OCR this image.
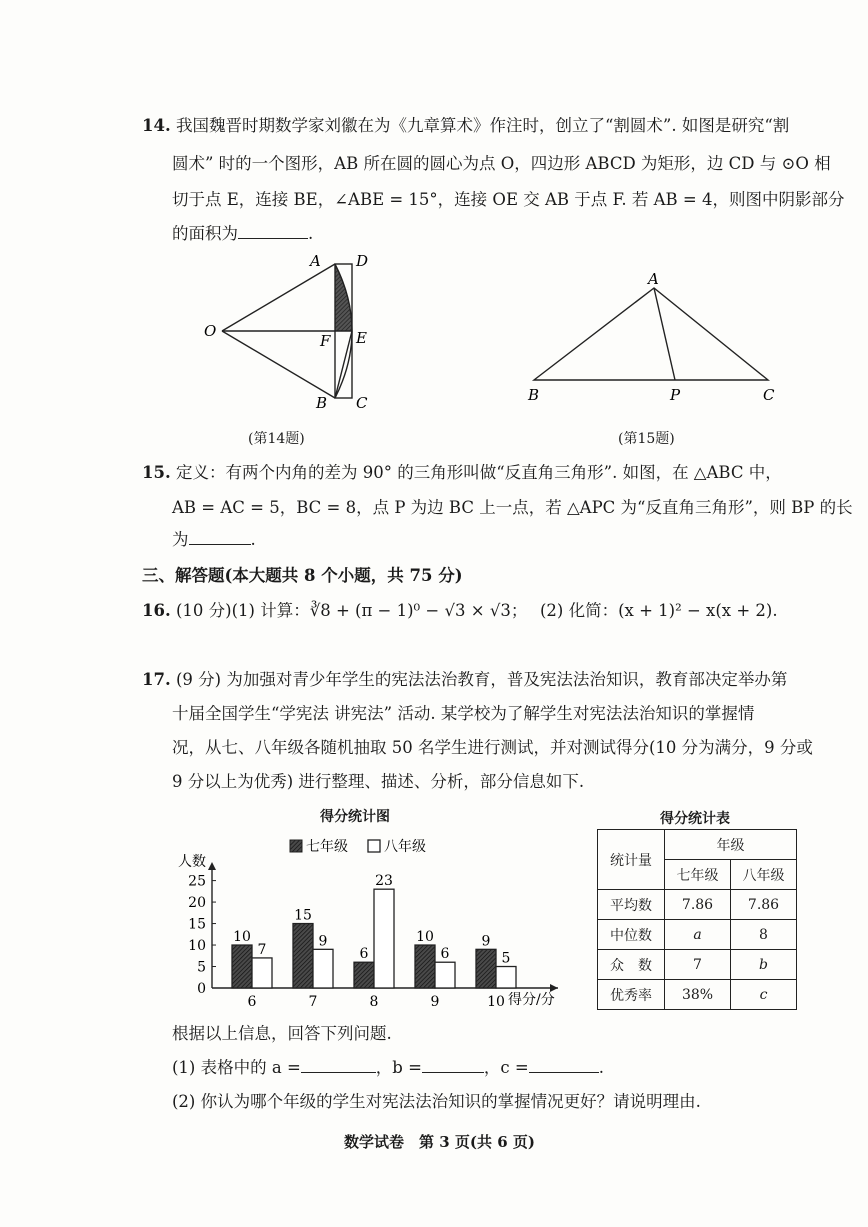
14. 我国魏晋时期数学家刘徽在为《九章算术》作注时，创立了“割圆术”. 如图是研究“割
圆术” 时的一个图形，AB 所在圆的圆心为点 O，四边形 ABCD 为矩形，边 CD 与 ⊙O 相
切于点 E，连接 BE，∠ABE = 15°，连接 OE 交 AB 于点 F. 若 AB = 4，则图中阴影部分
的面积为	.
A D
O
F E
B C
(第14题)
A
B	P	C
(第15题)
15. 定义：有两个内角的差为 90° 的三角形叫做“反直角三角形”. 如图，在 △ABC 中，
AB = AC = 5，BC = 8，点 P 为边 BC 上一点，若 △APC 为“反直角三角形”，则 BP 的长
为	.
三、解答题(本大题共 8 个小题，共 75 分)
16. (10 分)(1) 计算：∛8 + (π − 1)⁰ − √3 × √3； (2) 化简：(x + 1)² − x(x + 2).
17. (9 分) 为加强对青少年学生的宪法法治教育，普及宪法法治知识，教育部决定举办第
十届全国学生“学宪法 讲宪法” 活动. 某学校为了解学生对宪法法治知识的掌握情
况，从七、八年级各随机抽取 50 名学生进行测试，并对测试得分(10 分为满分，9 分或
9 分以上为优秀) 进行整理、描述、分析，部分信息如下.
得分统计图
七年级	八年级
人数
10
7
15
9
6
23
10
6
9
5
0
5
10
15
20
25
6	7	8	9	10 得分/分
得分统计表
统计量	年级	
	七年级	八年级
平均数	7.86	7.86
中位数	a	8
众　数	7	b
优秀率	38%	c
根据以上信息，回答下列问题.
(1) 表格中的 a =	，b =	，c =	.
(2) 你认为哪个年级的学生对宪法法治知识的掌握情况更好？请说明理由.
数学试卷　第 3 页(共 6 页)
